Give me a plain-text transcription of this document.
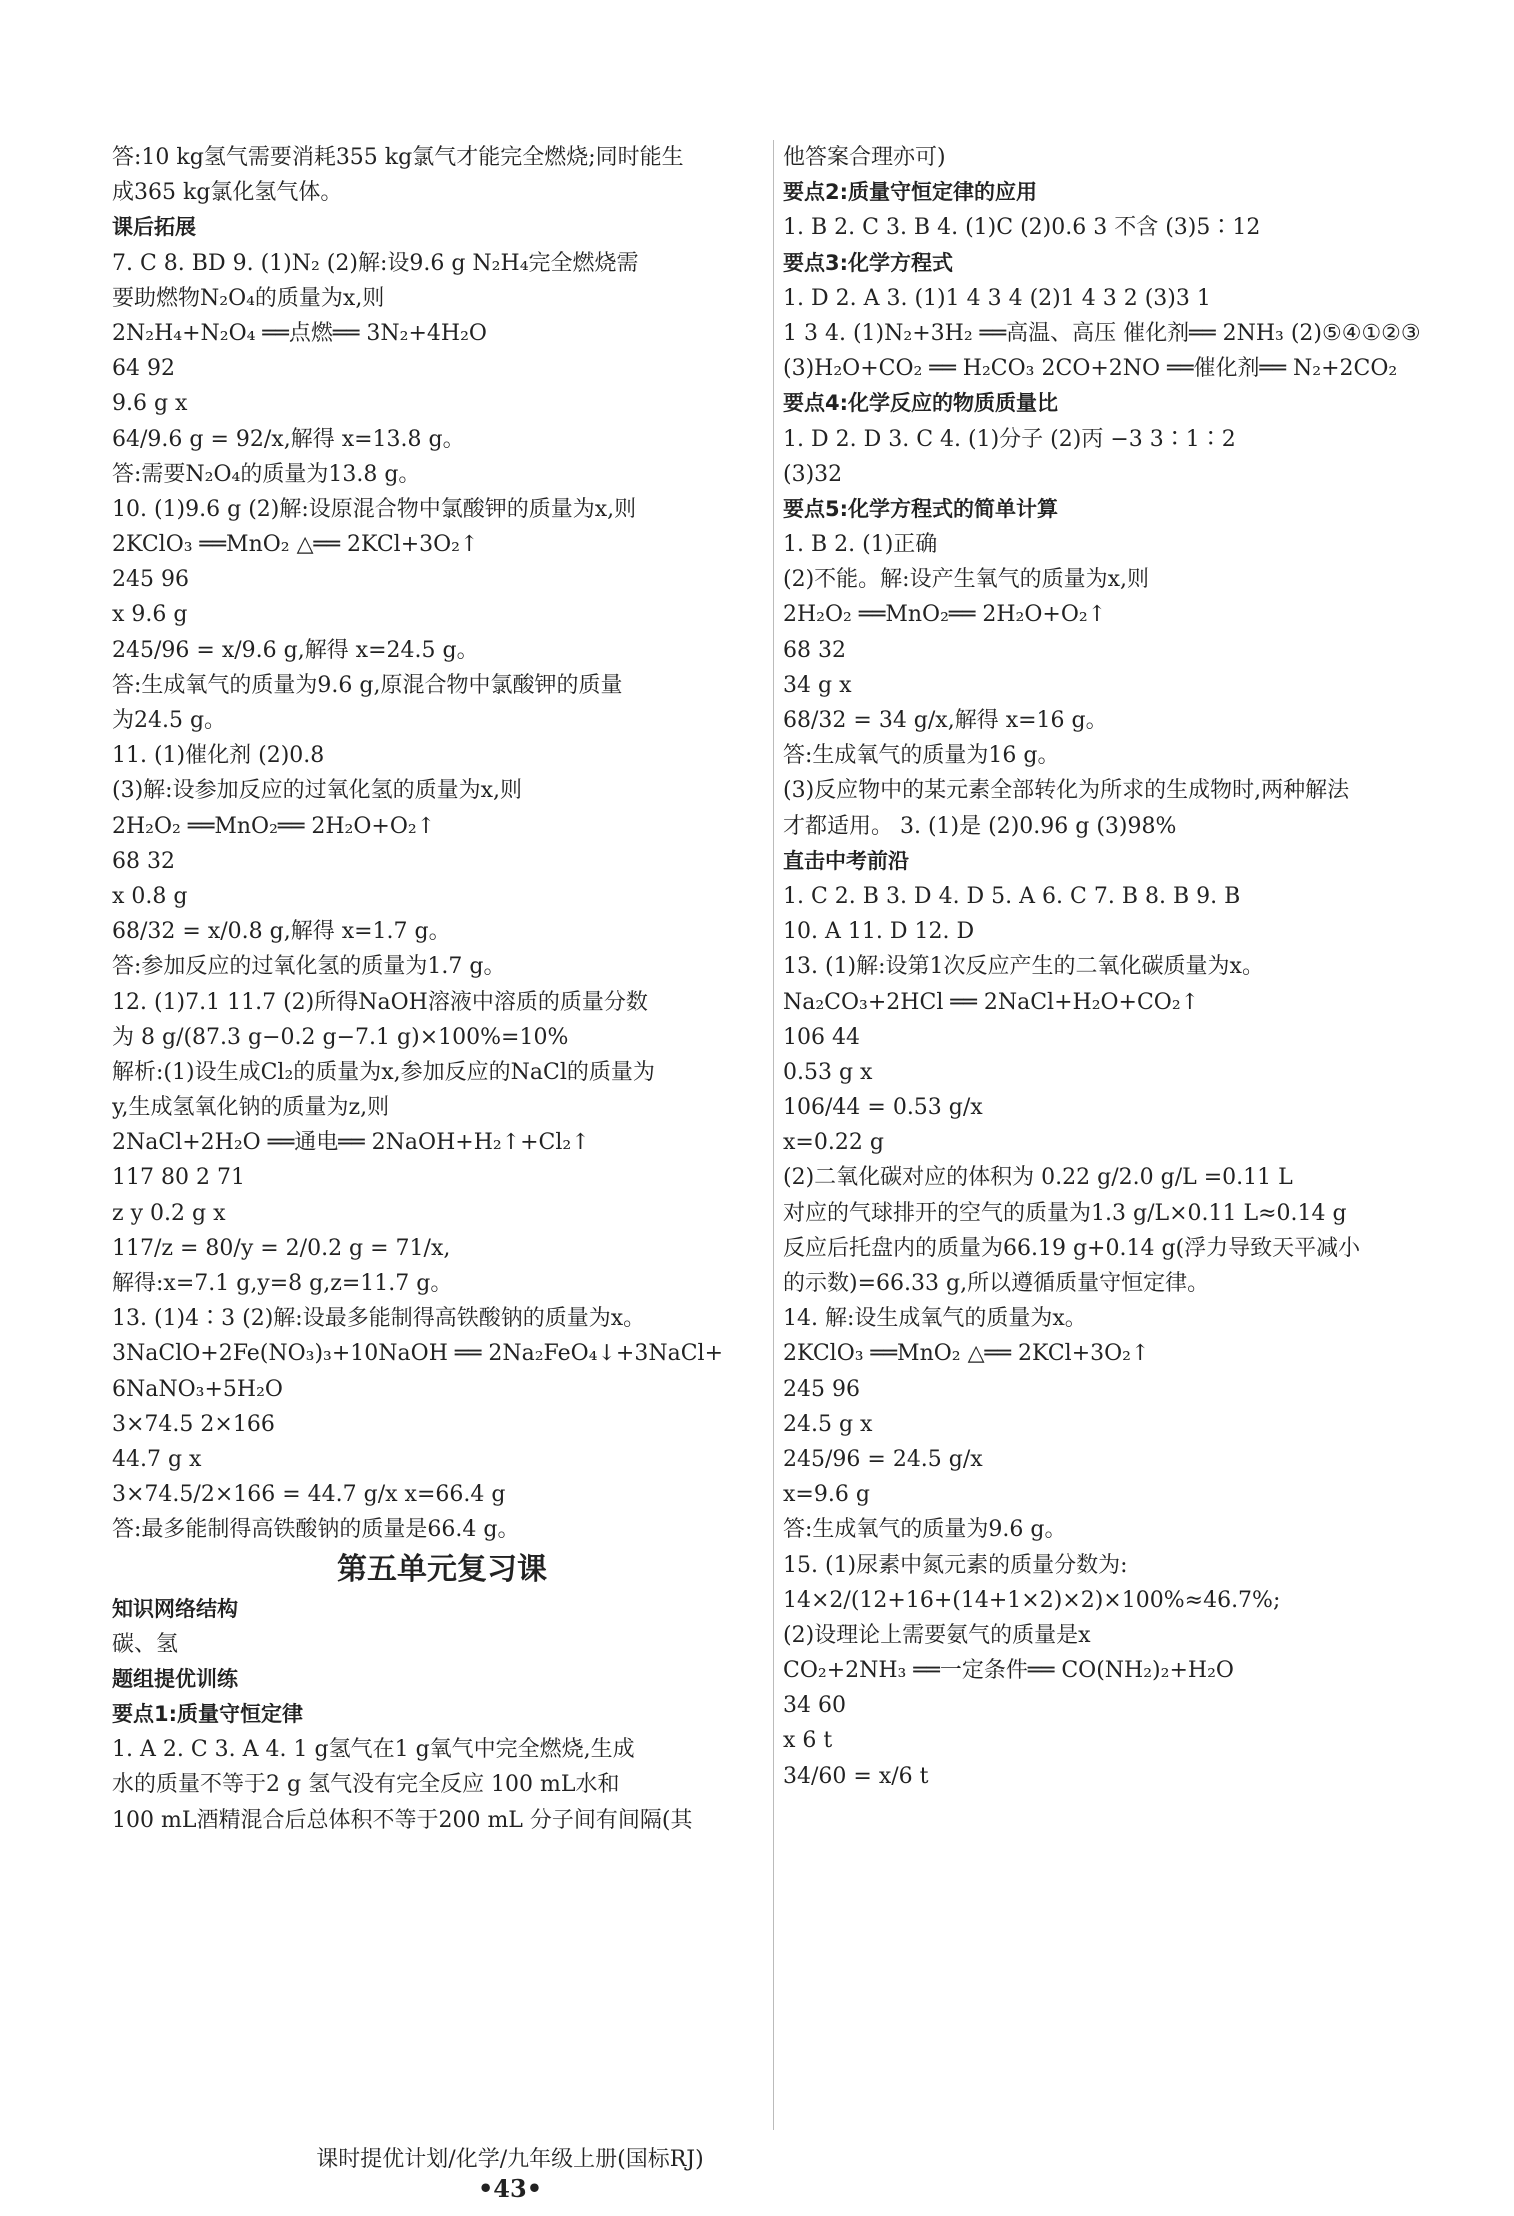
答:10 kg氢气需要消耗355 kg氯气才能完全燃烧;同时能生
成365 kg氯化氢气体。
课后拓展
7. C 8. BD 9. (1)N₂ (2)解:设9.6 g N₂H₄完全燃烧需
要助燃物N₂O₄的质量为x,则
2N₂H₄+N₂O₄ ══点燃══ 3N₂+4H₂O
64 92
9.6 g x
64/9.6 g = 92/x,解得 x=13.8 g。
答:需要N₂O₄的质量为13.8 g。
10. (1)9.6 g (2)解:设原混合物中氯酸钾的质量为x,则
2KClO₃ ══MnO₂ △══ 2KCl+3O₂↑
245 96
x 9.6 g
245/96 = x/9.6 g,解得 x=24.5 g。
答:生成氧气的质量为9.6 g,原混合物中氯酸钾的质量
为24.5 g。
11. (1)催化剂 (2)0.8
(3)解:设参加反应的过氧化氢的质量为x,则
2H₂O₂ ══MnO₂══ 2H₂O+O₂↑
68 32
x 0.8 g
68/32 = x/0.8 g,解得 x=1.7 g。
答:参加反应的过氧化氢的质量为1.7 g。
12. (1)7.1 11.7 (2)所得NaOH溶液中溶质的质量分数
为 8 g/(87.3 g−0.2 g−7.1 g)×100%=10%
解析:(1)设生成Cl₂的质量为x,参加反应的NaCl的质量为
y,生成氢氧化钠的质量为z,则
2NaCl+2H₂O ══通电══ 2NaOH+H₂↑+Cl₂↑
117 80 2 71
z y 0.2 g x
117/z = 80/y = 2/0.2 g = 71/x,
解得:x=7.1 g,y=8 g,z=11.7 g。
13. (1)4∶3 (2)解:设最多能制得高铁酸钠的质量为x。
3NaClO+2Fe(NO₃)₃+10NaOH ══ 2Na₂FeO₄↓+3NaCl+
6NaNO₃+5H₂O
3×74.5 2×166
44.7 g x
3×74.5/2×166 = 44.7 g/x x=66.4 g
答:最多能制得高铁酸钠的质量是66.4 g。
第五单元复习课
知识网络结构
碳、氢
题组提优训练
要点1:质量守恒定律
1. A 2. C 3. A 4. 1 g氢气在1 g氧气中完全燃烧,生成
水的质量不等于2 g 氢气没有完全反应 100 mL水和
100 mL酒精混合后总体积不等于200 mL 分子间有间隔(其
他答案合理亦可)
要点2:质量守恒定律的应用
1. B 2. C 3. B 4. (1)C (2)0.6 3 不含 (3)5∶12
要点3:化学方程式
1. D 2. A 3. (1)1 4 3 4 (2)1 4 3 2 (3)3 1
1 3 4. (1)N₂+3H₂ ══高温、高压 催化剂══ 2NH₃ (2)⑤④①②③
(3)H₂O+CO₂ ══ H₂CO₃ 2CO+2NO ══催化剂══ N₂+2CO₂
要点4:化学反应的物质质量比
1. D 2. D 3. C 4. (1)分子 (2)丙 −3 3∶1∶2
(3)32
要点5:化学方程式的简单计算
1. B 2. (1)正确
(2)不能。解:设产生氧气的质量为x,则
2H₂O₂ ══MnO₂══ 2H₂O+O₂↑
68 32
34 g x
68/32 = 34 g/x,解得 x=16 g。
答:生成氧气的质量为16 g。
(3)反应物中的某元素全部转化为所求的生成物时,两种解法
才都适用。 3. (1)是 (2)0.96 g (3)98%
直击中考前沿
1. C 2. B 3. D 4. D 5. A 6. C 7. B 8. B 9. B
10. A 11. D 12. D
13. (1)解:设第1次反应产生的二氧化碳质量为x。
Na₂CO₃+2HCl ══ 2NaCl+H₂O+CO₂↑
106 44
0.53 g x
106/44 = 0.53 g/x
x=0.22 g
(2)二氧化碳对应的体积为 0.22 g/2.0 g/L =0.11 L
对应的气球排开的空气的质量为1.3 g/L×0.11 L≈0.14 g
反应后托盘内的质量为66.19 g+0.14 g(浮力导致天平减小
的示数)=66.33 g,所以遵循质量守恒定律。
14. 解:设生成氧气的质量为x。
2KClO₃ ══MnO₂ △══ 2KCl+3O₂↑
245 96
24.5 g x
245/96 = 24.5 g/x
x=9.6 g
答:生成氧气的质量为9.6 g。
15. (1)尿素中氮元素的质量分数为:
14×2/(12+16+(14+1×2)×2)×100%≈46.7%;
(2)设理论上需要氨气的质量是x
CO₂+2NH₃ ══一定条件══ CO(NH₂)₂+H₂O
34 60
x 6 t
34/60 = x/6 t
课时提优计划/化学/九年级上册(国标RJ)
•43•
